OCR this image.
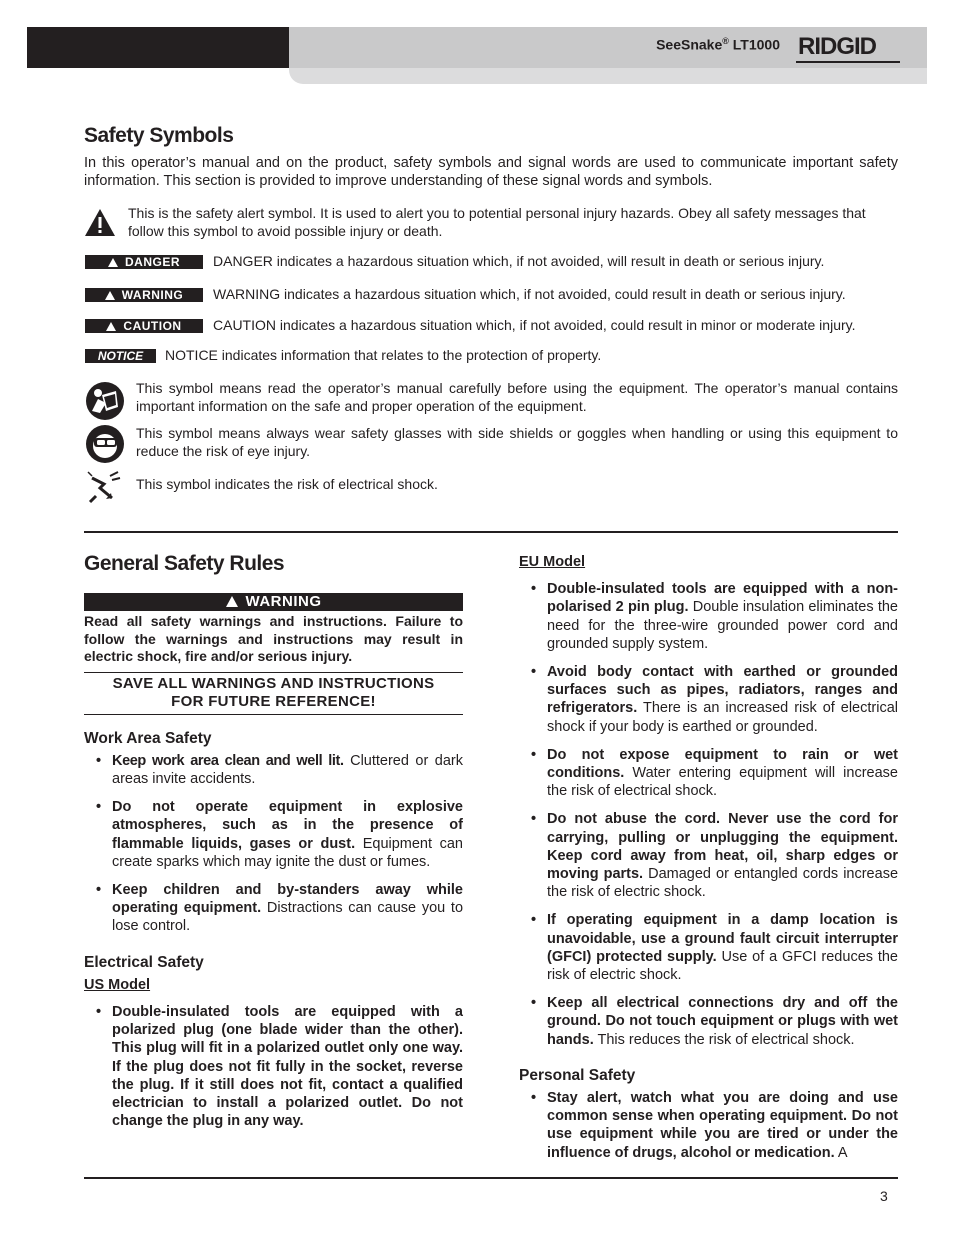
SeeSnake® LT1000 RIDGID
Safety Symbols
In this operator’s manual and on the product, safety symbols and signal words are used to communicate important safety information. This section is provided to improve understanding of these signal words and symbols.
This is the safety alert symbol. It is used to alert you to potential personal injury hazards. Obey all safety messages that follow this symbol to avoid possible injury or death.
DANGER	DANGER indicates a hazardous situation which, if not avoided, will result in death or serious injury.
WARNING	WARNING indicates a hazardous situation which, if not avoided, could result in death or serious injury.
CAUTION	CAUTION indicates a hazardous situation which, if not avoided, could result in minor or moderate injury.
NOTICE	NOTICE indicates information that relates to the protection of property.
This symbol means read the operator’s manual carefully before using the equipment. The operator’s manual contains important information on the safe and proper operation of the equipment.
This symbol means always wear safety glasses with side shields or goggles when handling or using this equipment to reduce the risk of eye injury.
This symbol indicates the risk of electrical shock.
General Safety Rules
WARNING
Read all safety warnings and instructions. Failure to follow the warnings and instructions may result in electric shock, fire and/or serious injury.
SAVE ALL WARNINGS AND INSTRUCTIONS
FOR FUTURE REFERENCE!

Work Area Safety

• Keep work area clean and well lit. Cluttered or dark areas invite accidents.

• Do not operate equipment in explosive atmospheres, such as in the presence of flammable liquids, gases or dust. Equipment can create sparks which may ignite the dust or fumes.

• Keep children and by-standers away while operating equipment. Distractions can cause you to lose control.

Electrical Safety

US Model

• Double-insulated tools are equipped with a polarized plug (one blade wider than the other). This plug will fit in a polarized outlet only one way. If the plug does not fit fully in the socket, reverse the plug. If it still does not fit, contact a qualified electrician to install a polarized outlet. Do not change the plug in any way.

EU Model

• Double-insulated tools are equipped with a non-polarised 2 pin plug. Double insulation eliminates the need for the three-wire grounded power cord and grounded supply system.

• Avoid body contact with earthed or grounded surfaces such as pipes, radiators, ranges and refrigerators. There is an increased risk of electrical shock if your body is earthed or grounded.

• Do not expose equipment to rain or wet conditions. Water entering equipment will increase the risk of electrical shock.

• Do not abuse the cord. Never use the cord for carrying, pulling or unplugging the equipment. Keep cord away from heat, oil, sharp edges or moving parts. Damaged or entangled cords increase the risk of electric shock.

• If operating equipment in a damp location is unavoidable, use a ground fault circuit interrupter (GFCI) protected supply. Use of a GFCI reduces the risk of electric shock.

• Keep all electrical connections dry and off the ground. Do not touch equipment or plugs with wet hands. This reduces the risk of electrical shock.

Personal Safety

• Stay alert, watch what you are doing and use common sense when operating equipment. Do not use equipment while you are tired or under the influence of drugs, alcohol or medication. A

3
